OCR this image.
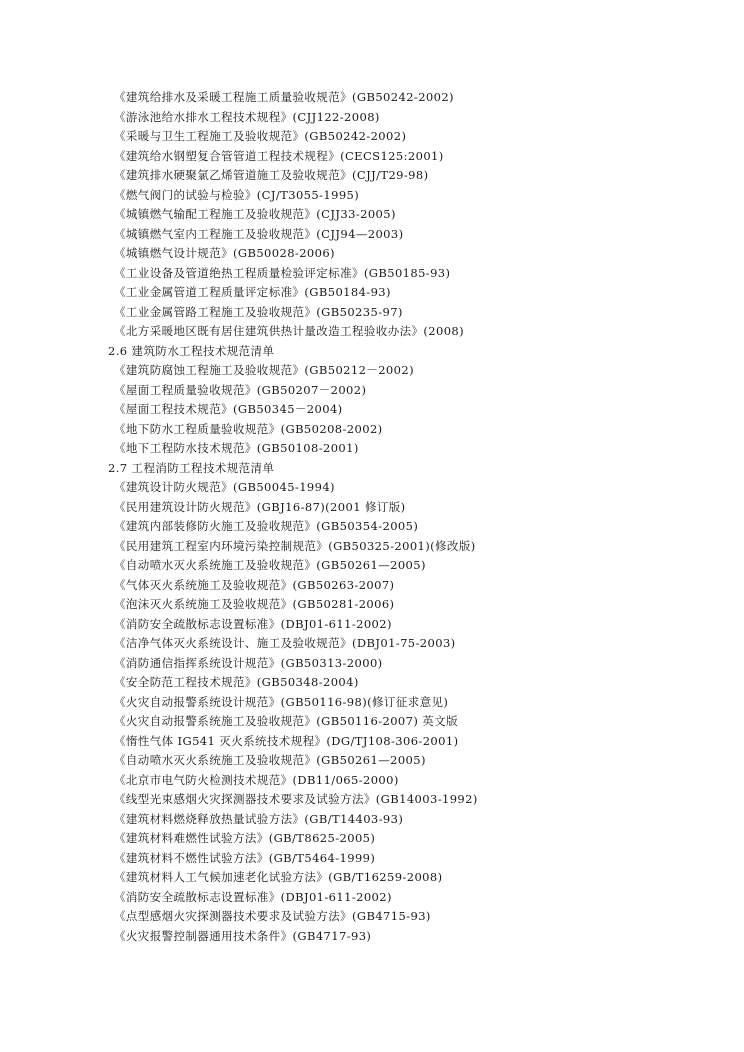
《建筑给排水及采暖工程施工质量验收规范》(GB50242-2002)
《游泳池给水排水工程技术规程》(CJJ122-2008)
《采暖与卫生工程施工及验收规范》(GB50242-2002)
《建筑给水钢塑复合管管道工程技术规程》(CECS125:2001)
《建筑排水硬聚氯乙烯管道施工及验收规范》(CJJ/T29-98)
《燃气阀门的试验与检验》(CJ/T3055-1995)
《城镇燃气输配工程施工及验收规范》(CJJ33-2005)
《城镇燃气室内工程施工及验收规范》(CJJ94—2003)
《城镇燃气设计规范》(GB50028-2006)
《工业设备及管道绝热工程质量检验评定标准》(GB50185-93)
《工业金属管道工程质量评定标准》(GB50184-93)
《工业金属管路工程施工及验收规范》(GB50235-97)
《北方采暖地区既有居住建筑供热计量改造工程验收办法》(2008)
2.6 建筑防水工程技术规范清单
《建筑防腐蚀工程施工及验收规范》(GB50212－2002)
《屋面工程质量验收规范》(GB50207－2002)
《屋面工程技术规范》(GB50345－2004)
《地下防水工程质量验收规范》(GB50208-2002)
《地下工程防水技术规范》(GB50108-2001)
2.7 工程消防工程技术规范清单
《建筑设计防火规范》(GB50045-1994)
《民用建筑设计防火规范》(GBJ16-87)(2001 修订版)
《建筑内部装修防火施工及验收规范》(GB50354-2005)
《民用建筑工程室内环境污染控制规范》(GB50325-2001)(修改版)
《自动喷水灭火系统施工及验收规范》(GB50261—2005)
《气体灭火系统施工及验收规范》(GB50263-2007)
《泡沫灭火系统施工及验收规范》(GB50281-2006)
《消防安全疏散标志设置标准》(DBJ01-611-2002)
《洁净气体灭火系统设计、施工及验收规范》(DBJ01-75-2003)
《消防通信指挥系统设计规范》(GB50313-2000)
《安全防范工程技术规范》(GB50348-2004)
《火灾自动报警系统设计规范》(GB50116-98)(修订征求意见)
《火灾自动报警系统施工及验收规范》(GB50116-2007) 英文版
《惰性气体 IG541 灭火系统技术规程》(DG/TJ108-306-2001)
《自动喷水灭火系统施工及验收规范》(GB50261—2005)
《北京市电气防火检测技术规范》(DB11/065-2000)
《线型光束感烟火灾探测器技术要求及试验方法》(GB14003-1992)
《建筑材料燃烧释放热量试验方法》(GB/T14403-93)
《建筑材料难燃性试验方法》(GB/T8625-2005)
《建筑材料不燃性试验方法》(GB/T5464-1999)
《建筑材料人工气候加速老化试验方法》(GB/T16259-2008)
《消防安全疏散标志设置标准》(DBJ01-611-2002)
《点型感烟火灾探测器技术要求及试验方法》(GB4715-93)
《火灾报警控制器通用技术条件》(GB4717-93)
